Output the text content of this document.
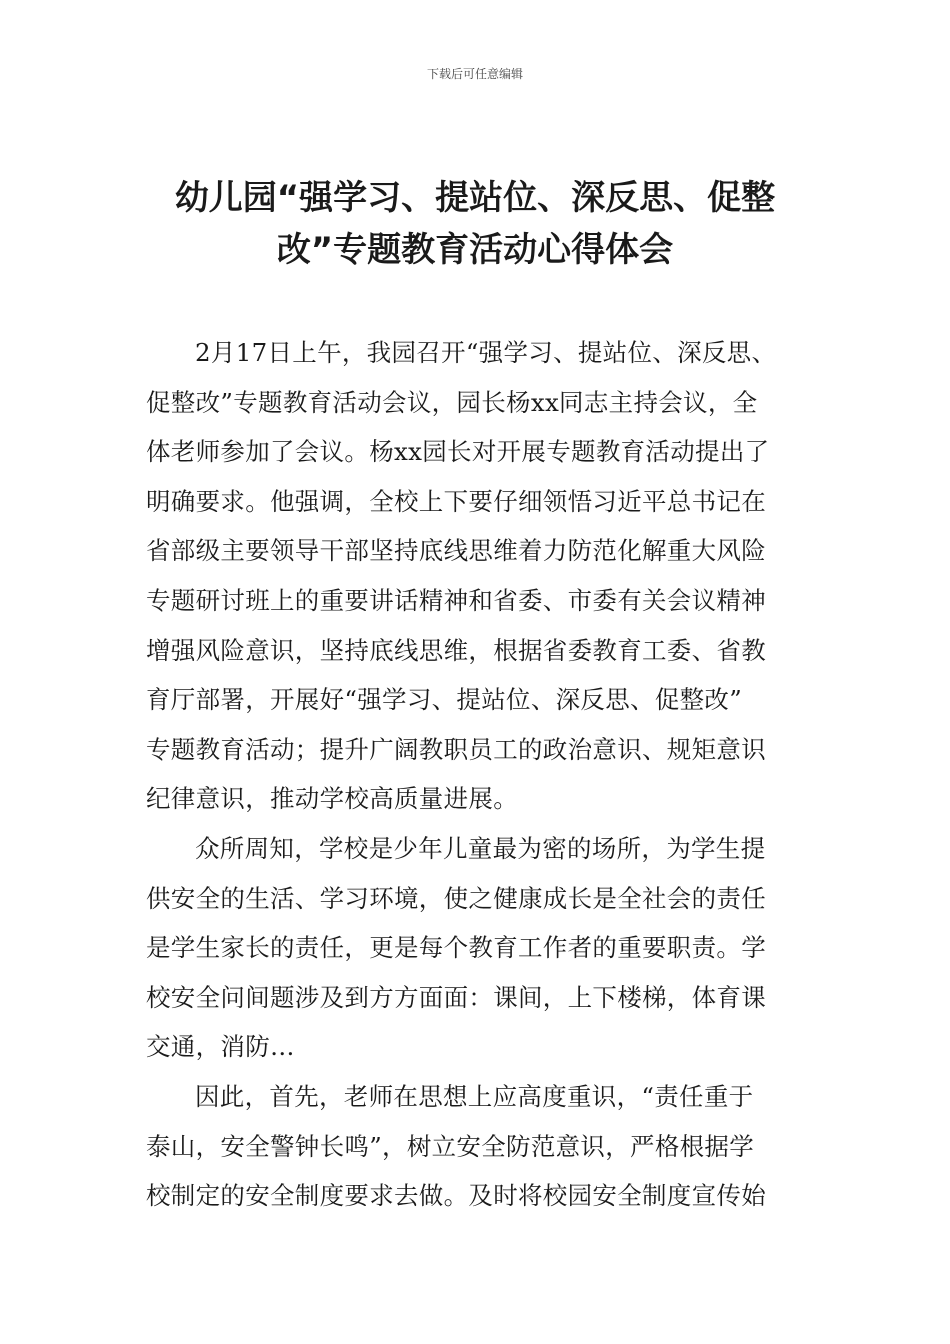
下载后可任意编辑
幼儿园“强学习、提站位、深反思、促整
改”专题教育活动心得体会
2月17日上午，我园召开“强学习、提站位、深反思、
促整改”专题教育活动会议，园长杨xx同志主持会议，全
体老师参加了会议。杨xx园长对开展专题教育活动提出了
明确要求。他强调，全校上下要仔细领悟习近平总书记在
省部级主要领导干部坚持底线思维着力防范化解重大风险
专题研讨班上的重要讲话精神和省委、市委有关会议精神
增强风险意识，坚持底线思维，根据省委教育工委、省教
育厅部署，开展好“强学习、提站位、深反思、促整改”
专题教育活动；提升广阔教职员工的政治意识、规矩意识
纪律意识，推动学校高质量进展。
众所周知，学校是少年儿童最为密的场所，为学生提
供安全的生活、学习环境，使之健康成长是全社会的责任
是学生家长的责任，更是每个教育工作者的重要职责。学
校安全问间题涉及到方方面面：课间，上下楼梯，体育课
交通，消防…
因此，首先，老师在思想上应高度重识，“责任重于
泰山，安全警钟长鸣”，树立安全防范意识，严格根据学
校制定的安全制度要求去做。及时将校园安全制度宣传始
